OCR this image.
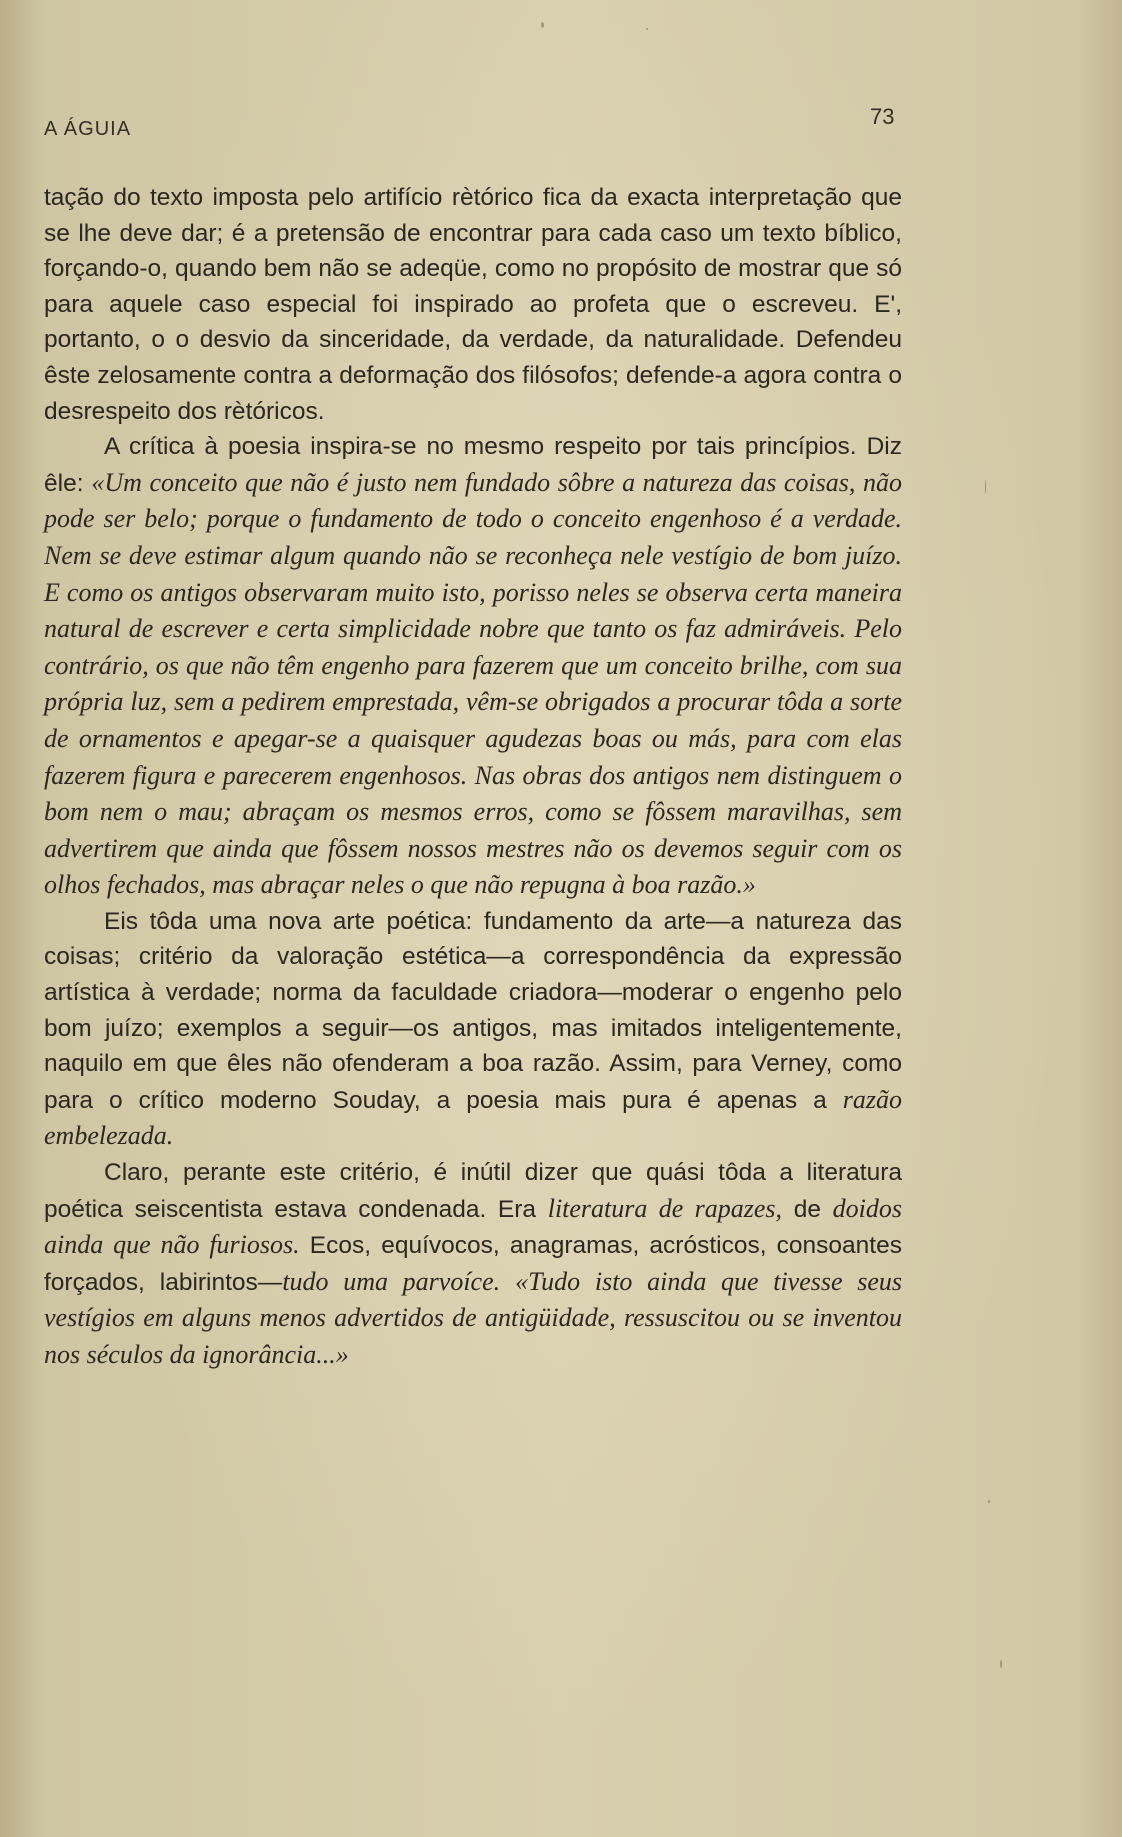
A ÁGUIA	73

tação do texto imposta pelo artifício rètórico fica da exacta interpretação que se lhe deve dar; é a pretensão de encontrar para cada caso um texto bíblico, forçando-o, quando bem não se adeqüe, como no propósito de mostrar que só para aquele caso especial foi inspirado ao profeta que o escreveu. E', portanto, o o desvio da sinceridade, da verdade, da naturalidade. Defendeu êste zelosamente contra a deformação dos filósofos; defende-a agora contra o desrespeito dos rètóricos.

A crítica à poesia inspira-se no mesmo respeito por tais princípios. Diz êle: «Um conceito que não é justo nem fundado sôbre a natureza das coisas, não pode ser belo; porque o fundamento de todo o conceito engenhoso é a verdade. Nem se deve estimar algum quando não se reconheça nele vestígio de bom juízo. E como os antigos observaram muito isto, porisso neles se observa certa maneira natural de escrever e certa simplicidade nobre que tanto os faz admiráveis. Pelo contrário, os que não têm engenho para fazerem que um conceito brilhe, com sua própria luz, sem a pedirem emprestada, vêm-se obrigados a procurar tôda a sorte de ornamentos e apegar-se a quaisquer agudezas boas ou más, para com elas fazerem figura e parecerem engenhosos. Nas obras dos antigos nem distinguem o bom nem o mau; abraçam os mesmos erros, como se fôssem maravilhas, sem advertirem que ainda que fôssem nossos mestres não os devemos seguir com os olhos fechados, mas abraçar neles o que não repugna à boa razão.»

Eis tôda uma nova arte poética: fundamento da arte—a natureza das coisas; critério da valoração estética—a correspondência da expressão artística à verdade; norma da faculdade criadora—moderar o engenho pelo bom juízo; exemplos a seguir—os antigos, mas imitados inteligentemente, naquilo em que êles não ofenderam a boa razão. Assim, para Verney, como para o crítico moderno Souday, a poesia mais pura é apenas a razão embelezada.

Claro, perante este critério, é inútil dizer que quási tôda a literatura poética seiscentista estava condenada. Era literatura de rapazes, de doidos ainda que não furiosos. Ecos, equívocos, anagramas, acrósticos, consoantes forçados, labirintos—tudo uma parvoíce. «Tudo isto ainda que tivesse seus vestígios em alguns menos advertidos de antigüidade, ressuscitou ou se inventou nos séculos da ignorância...»
